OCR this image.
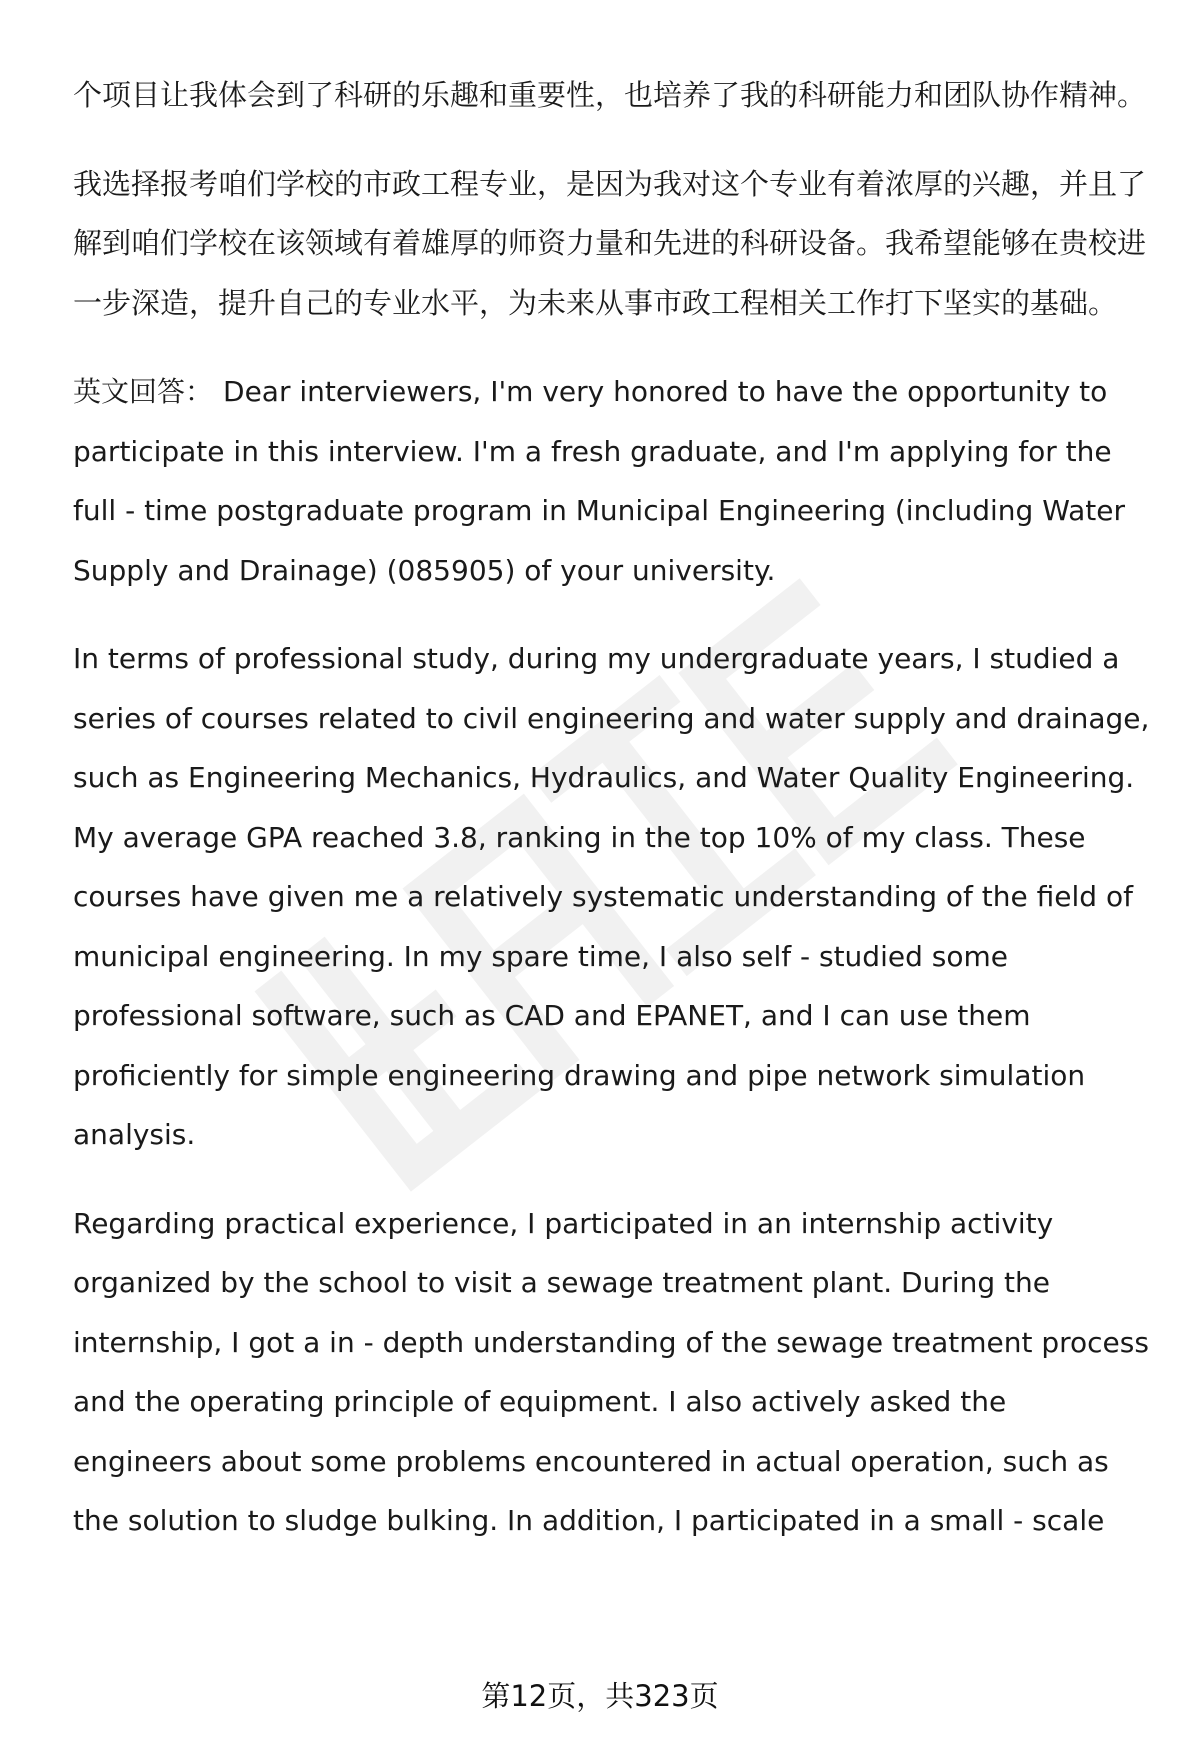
个项目让我体会到了科研的乐趣和重要性，也培养了我的科研能力和团队协作精神。

我选择报考咱们学校的市政工程专业，是因为我对这个专业有着浓厚的兴趣，并且了解到咱们学校在该领域有着雄厚的师资力量和先进的科研设备。我希望能够在贵校进一步深造，提升自己的专业水平，为未来从事市政工程相关工作打下坚实的基础。

英文回答： Dear interviewers, I'm very honored to have the opportunity to participate in this interview. I'm a fresh graduate, and I'm applying for the full - time postgraduate program in Municipal Engineering (including Water Supply and Drainage) (085905) of your university.

In terms of professional study, during my undergraduate years, I studied a series of courses related to civil engineering and water supply and drainage, such as Engineering Mechanics, Hydraulics, and Water Quality Engineering. My average GPA reached 3.8, ranking in the top 10% of my class. These courses have given me a relatively systematic understanding of the field of municipal engineering. In my spare time, I also self - studied some professional software, such as CAD and EPANET, and I can use them proficiently for simple engineering drawing and pipe network simulation analysis.

Regarding practical experience, I participated in an internship activity organized by the school to visit a sewage treatment plant. During the internship, I got a in - depth understanding of the sewage treatment process and the operating principle of equipment. I also actively asked the engineers about some problems encountered in actual operation, such as the solution to sludge bulking. In addition, I participated in a small - scale

第12页，共323页
